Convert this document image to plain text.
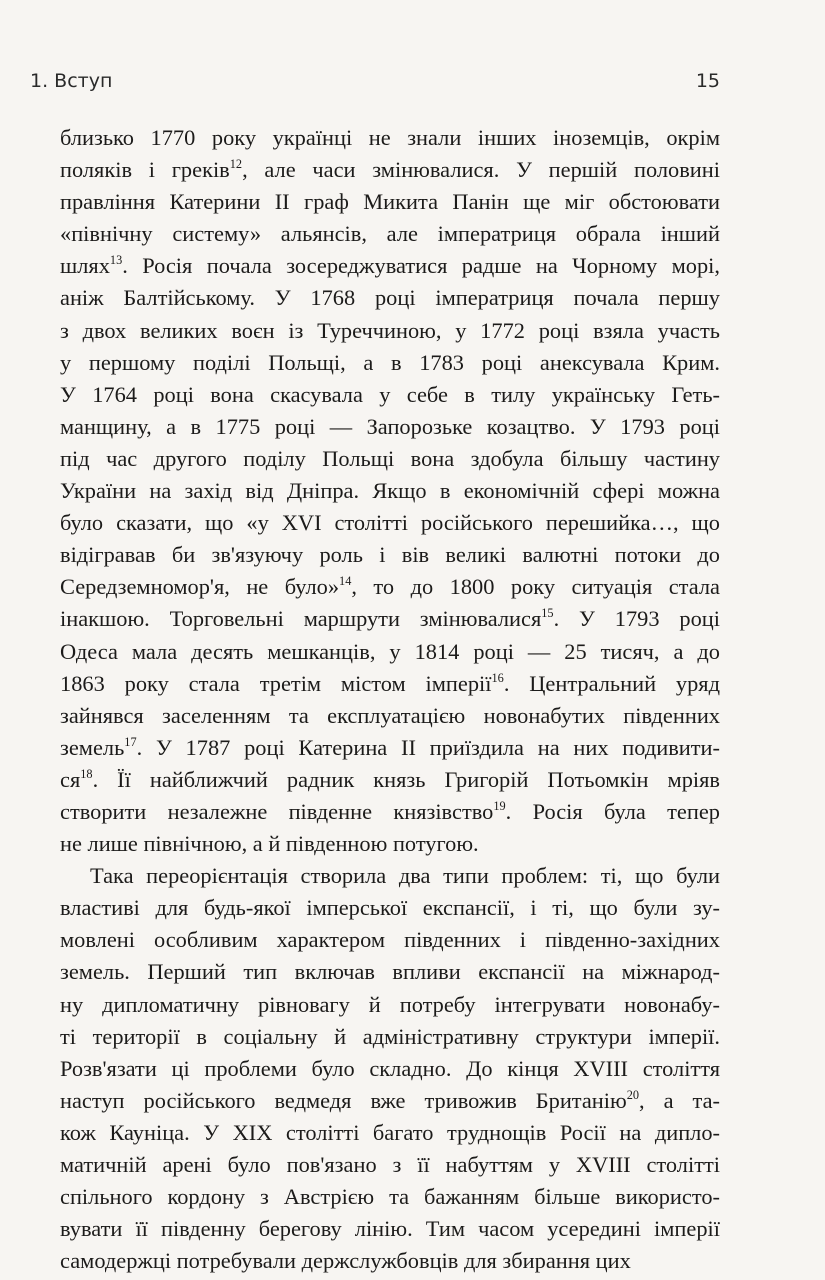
1. Вступ	15
близько 1770 року українці не знали інших іноземців, окрім
поляків і греків$^{12}$, але часи змінювалися. У першій половині
правління Катерини II граф Микита Панін ще міг обстоювати
«північну систему» альянсів, але імператриця обрала інший
шлях$^{13}$. Росія почала зосереджуватися радше на Чорному морі,
аніж Балтійському. У 1768 році імператриця почала першу
з двох великих воєн із Туреччиною, у 1772 році взяла участь
у першому поділі Польщі, а в 1783 році анексувала Крим.
У 1764 році вона скасувала у себе в тилу українську Геть-
манщину, а в 1775 році — Запорозьке козацтво. У 1793 році
під час другого поділу Польщі вона здобула більшу частину
України на захід від Дніпра. Якщо в економічній сфері можна
було сказати, що «у XVI столітті російського перешийка…, що
відігравав би зв'язуючу роль і вів великі валютні потоки до
Середземномор'я, не було»$^{14}$, то до 1800 року ситуація стала
інакшою. Торговельні маршрути змінювалися$^{15}$. У 1793 році
Одеса мала десять мешканців, у 1814 році — 25 тисяч, а до
1863 року стала третім містом імперії$^{16}$. Центральний уряд
зайнявся заселенням та експлуатацією новонабутих південних
земель$^{17}$. У 1787 році Катерина II приїздила на них подивити-
$ся^{18}$. Її найближчий радник князь Григорій Потьомкін мріяв
створити незалежне південне князівство$^{19}$. Росія була тепер
не лише північною, а й південною потугою.
Така переорієнтація створила два типи проблем: ті, що були
властиві для будь-якої імперської експансії, і ті, що були зу-
мовлені особливим характером південних і південно-західних
земель. Перший тип включав впливи експансії на міжнарод-
ну дипломатичну рівновагу й потребу інтегрувати новонабу-
ті території в соціальну й адміністративну структури імперії.
Розв'язати ці проблеми було складно. До кінця XVIII століття
наступ російського ведмедя вже тривожив Британію$^{20}$, а та-
кож Кауніца. У XIX столітті багато труднощів Росії на дипло-
матичній арені було пов'язано з її набуттям у XVIII столітті
спільного кордону з Австрією та бажанням більше використо-
вувати її південну берегову лінію. Тим часом усередині імперії
самодержці потребували держслужбовців для збирання цих
